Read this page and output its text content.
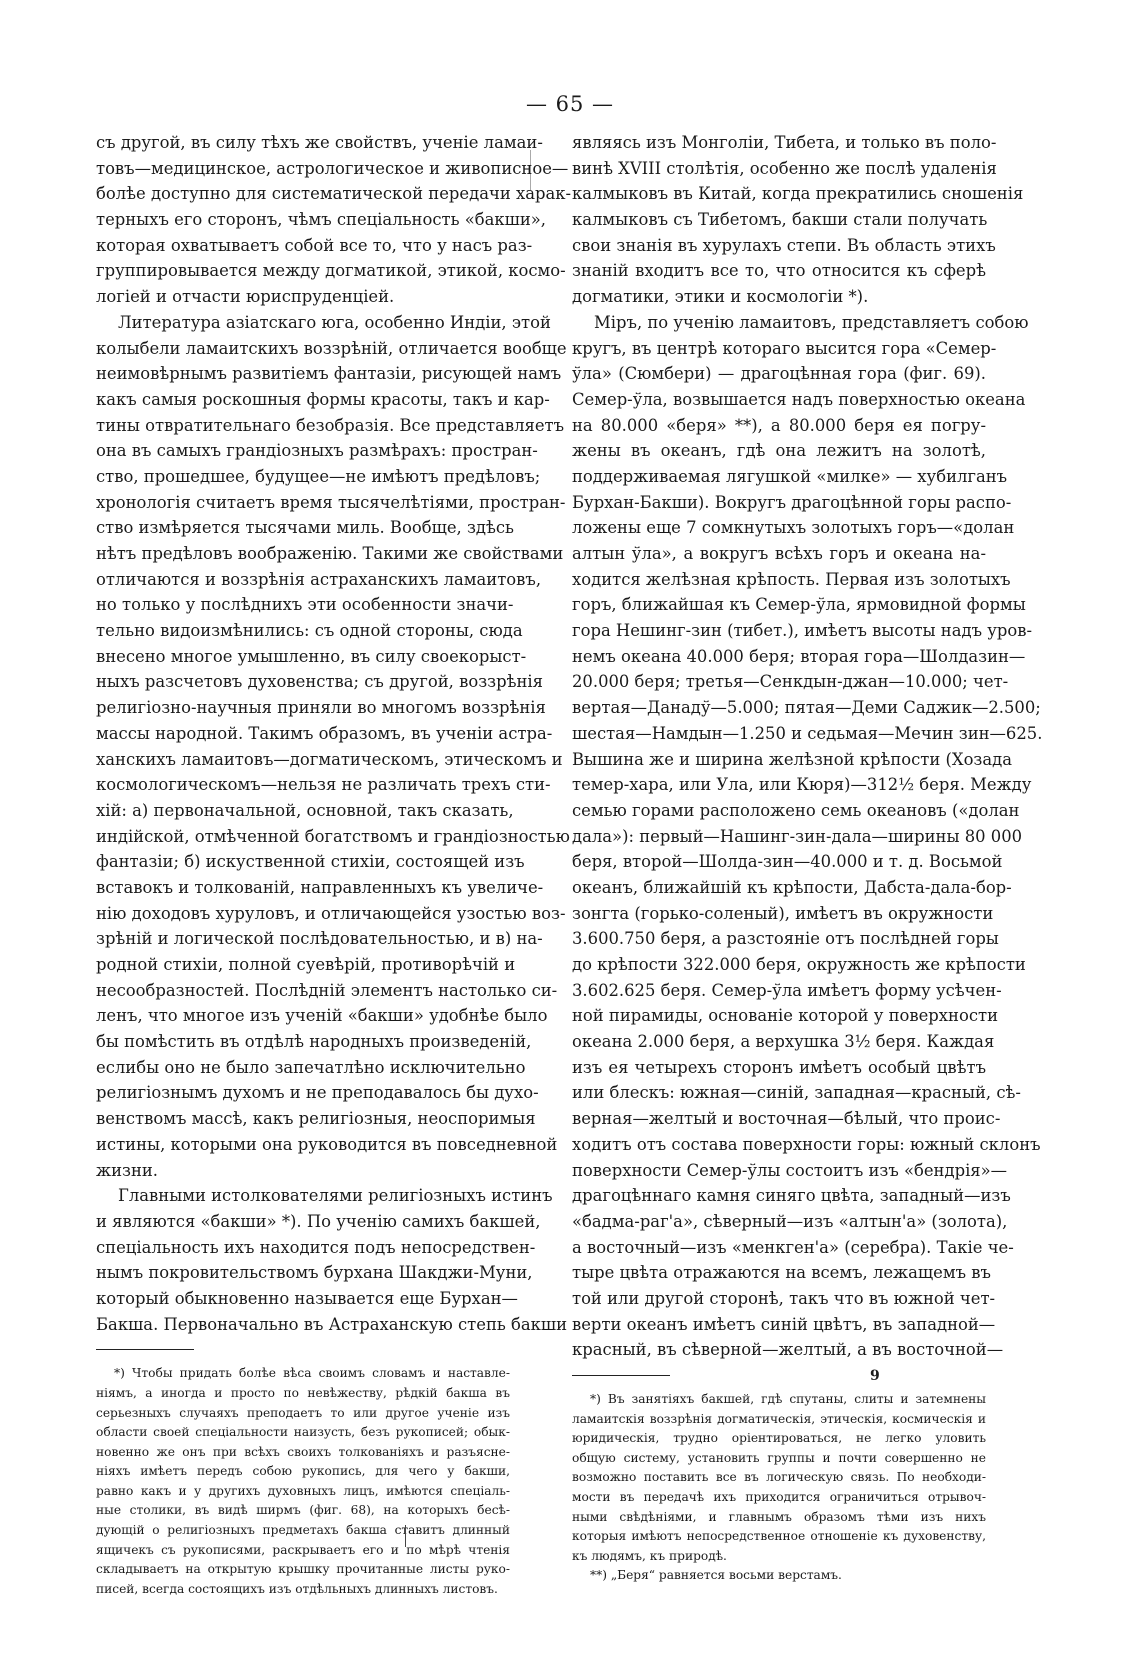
— 65 —
съ другой, въ силу тѣхъ же свойствъ, ученіе ламаи-
товъ—медицинское, астрологическое и живописное—
болѣе доступно для систематической передачи харак-
терныхъ его сторонъ, чѣмъ спеціальность «бакши»,
которая охватываетъ собой все то, что у насъ раз-
группировывается между догматикой, этикой, космо-
логіей и отчасти юриспруденціей.
Литература азіатскаго юга, особенно Индіи, этой
колыбели ламаитскихъ воззрѣній, отличается вообще
неимовѣрнымъ развитіемъ фантазіи, рисующей намъ
какъ самыя роскошныя формы красоты, такъ и кар-
тины отвратительнаго безобразія. Все представляетъ
она въ самыхъ грандіозныхъ размѣрахъ: простран-
ство, прошедшее, будущее—не имѣютъ предѣловъ;
хронологія считаетъ время тысячелѣтіями, простран-
ство измѣряется тысячами миль. Вообще, здѣсь
нѣтъ предѣловъ воображенію. Такими же свойствами
отличаются и воззрѣнія астраханскихъ ламаитовъ,
но только у послѣднихъ эти особенности значи-
тельно видоизмѣнились: съ одной стороны, сюда
внесено многое умышленно, въ силу своекорыст-
ныхъ разсчетовъ духовенства; съ другой, воззрѣнія
религіозно-научныя приняли во многомъ воззрѣнія
массы народной. Такимъ образомъ, въ ученіи астра-
ханскихъ ламаитовъ—догматическомъ, этическомъ и
космологическомъ—нельзя не различать трехъ сти-
хій: а) первоначальной, основной, такъ сказать,
индійской, отмѣченной богатствомъ и грандіозностью
фантазіи; б) искуственной стихіи, состоящей изъ
вставокъ и толкованій, направленныхъ къ увеличе-
нію доходовъ хуруловъ, и отличающейся узостью воз-
зрѣній и логической послѣдовательностью, и в) на-
родной стихіи, полной суевѣрій, противорѣчій и
несообразностей. Послѣдній элементъ настолько си-
ленъ, что многое изъ ученій «бакши» удобнѣе было
бы помѣстить въ отдѣлѣ народныхъ произведеній,
еслибы оно не было запечатлѣно исключительно
религіознымъ духомъ и не преподавалось бы духо-
венствомъ массѣ, какъ религіозныя, неоспоримыя
истины, которыми она руководится въ повседневной
жизни.
Главными истолкователями религіозныхъ истинъ
и являются «бакши» *). По ученію самихъ бакшей,
спеціальность ихъ находится подъ непосредствен-
нымъ покровительствомъ бурхана Шакджи-Муни,
который обыкновенно называется еще Бурхан—
Бакша. Первоначально въ Астраханскую степь бакши
*) Чтобы придать болѣе вѣса своимъ словамъ и наставле-
ніямъ, а иногда и просто по невѣжеству, рѣдкій бакша въ
серьезныхъ случаяхъ преподаетъ то или другое ученіе изъ
области своей спеціальности наизусть, безъ рукописей; обык-
новенно же онъ при всѣхъ своихъ толкованіяхъ и разъясне-
ніяхъ имѣетъ передъ собою рукопись, для чего у бакши,
равно какъ и у другихъ духовныхъ лицъ, имѣются спеціаль-
ные столики, въ видѣ ширмъ (фиг. 68), на которыхъ бесѣ-
дующій о религіозныхъ предметахъ бакша ставитъ длинный
ящичекъ съ рукописями, раскрываетъ его и по мѣрѣ чтенія
складываетъ на открытую крышку прочитанные листы руко-
писей, всегда состоящихъ изъ отдѣльныхъ длинныхъ листовъ.
являясь изъ Монголіи, Тибета, и только въ поло-
винѣ XVIII столѣтія, особенно же послѣ удаленія
калмыковъ въ Китай, когда прекратились сношенія
калмыковъ съ Тибетомъ, бакши стали получать
свои знанія въ хурулахъ степи. Въ область этихъ
знаній входитъ все то, что относится къ сферѣ
догматики, этики и космологіи *).
Міръ, по ученію ламаитовъ, представляетъ собою
кругъ, въ центрѣ котораго высится гора «Семер-
ўла» (Сюмбери) — драгоцѣнная гора (фиг. 69).
Семер-ўла, возвышается надъ поверхностью океана
на 80.000 «беря» **), а 80.000 беря ея погру-
жены въ океанъ, гдѣ она лежитъ на золотѣ,
поддерживаемая лягушкой «милке» — хубилганъ
Бурхан-Бакши). Вокругъ драгоцѣнной горы распо-
ложены еще 7 сомкнутыхъ золотыхъ горъ—«долан
алтын ўла», а вокругъ всѣхъ горъ и океана на-
ходится желѣзная крѣпость. Первая изъ золотыхъ
горъ, ближайшая къ Семер-ўла, ярмовидной формы
гора Нешинг-зин (тибет.), имѣетъ высоты надъ уров-
немъ океана 40.000 беря; вторая гора—Шолдазин—
20.000 беря; третья—Сенкдын-джан—10.000; чет-
вертая—Данадў—5.000; пятая—Деми Саджик—2.500;
шестая—Намдын—1.250 и седьмая—Мечин зин—625.
Вышина же и ширина желѣзной крѣпости (Хозада
темер-хара, или Ула, или Кюря)—312½ беря. Между
семью горами расположено семь океановъ («долан
дала»): первый—Нашинг-зин-дала—ширины 80 000
беря, второй—Шолда-зин—40.000 и т. д. Восьмой
океанъ, ближайшій къ крѣпости, Дабста-дала-бор-
зонгта (горько-соленый), имѣетъ въ окружности
3.600.750 беря, а разстояніе отъ послѣдней горы
до крѣпости 322.000 беря, окружность же крѣпости
3.602.625 беря. Семер-ўла имѣетъ форму усѣчен-
ной пирамиды, основаніе которой у поверхности
океана 2.000 беря, а верхушка 3½ беря. Каждая
изъ ея четырехъ сторонъ имѣетъ особый цвѣтъ
или блескъ: южная—синій, западная—красный, сѣ-
верная—желтый и восточная—бѣлый, что проис-
ходитъ отъ состава поверхности горы: южный склонъ
поверхности Семер-ўлы состоитъ изъ «бендрія»—
драгоцѣннаго камня синяго цвѣта, западный—изъ
«бадма-раг'а», сѣверный—изъ «алтын'а» (золота),
а восточный—изъ «менкген'а» (серебра). Такіе че-
тыре цвѣта отражаются на всемъ, лежащемъ въ
той или другой сторонѣ, такъ что въ южной чет-
верти океанъ имѣетъ синій цвѣтъ, въ западной—
красный, въ сѣверной—желтый, а въ восточной—
*) Въ занятіяхъ бакшей, гдѣ спутаны, слиты и затемнены
ламаитскія воззрѣнія догматическія, этическія, космическія и
юридическія, трудно оріентироваться, не легко уловить
общую систему, установить группы и почти совершенно не
возможно поставить все въ логическую связь. По необходи-
мости въ передачѣ ихъ приходится ограничиться отрывоч-
ными свѣдѣніями, и главнымъ образомъ тѣми изъ нихъ
которыя имѣютъ непосредственное отношеніе къ духовенству,
къ людямъ, къ природѣ.
**) „Беря“ равняется восьми верстамъ.
9
